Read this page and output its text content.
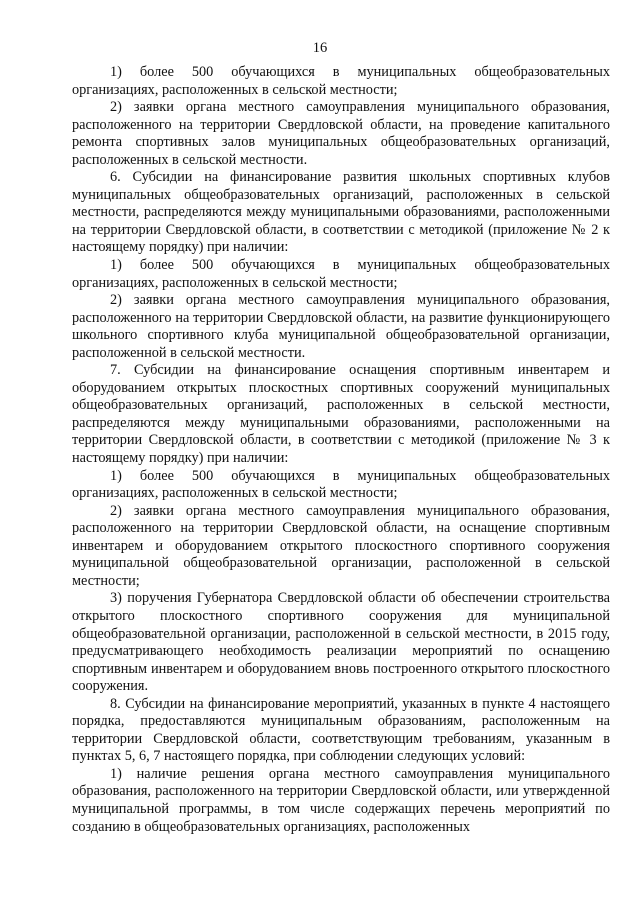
16

1) более 500 обучающихся в муниципальных общеобразовательных организациях, расположенных в сельской местности;

2) заявки органа местного самоуправления муниципального образования, расположенного на территории Свердловской области, на проведение капитального ремонта спортивных залов муниципальных общеобразовательных организаций, расположенных в сельской местности.

6. Субсидии на финансирование развития школьных спортивных клубов муниципальных общеобразовательных организаций, расположенных в сельской местности, распределяются между муниципальными образованиями, расположенными на территории Свердловской области, в соответствии с методикой (приложение № 2 к настоящему порядку) при наличии:

1) более 500 обучающихся в муниципальных общеобразовательных организациях, расположенных в сельской местности;

2) заявки органа местного самоуправления муниципального образования, расположенного на территории Свердловской области, на развитие функционирующего школьного спортивного клуба муниципальной общеобразовательной организации, расположенной в сельской местности.

7. Субсидии на финансирование оснащения спортивным инвентарем и оборудованием открытых плоскостных спортивных сооружений муниципальных общеобразовательных организаций, расположенных в сельской местности, распределяются между муниципальными образованиями, расположенными на территории Свердловской области, в соответствии с методикой (приложение № 3 к настоящему порядку) при наличии:

1) более 500 обучающихся в муниципальных общеобразовательных организациях, расположенных в сельской местности;

2) заявки органа местного самоуправления муниципального образования, расположенного на территории Свердловской области, на оснащение спортивным инвентарем и оборудованием открытого плоскостного спортивного сооружения муниципальной общеобразовательной организации, расположенной в сельской местности;

3) поручения Губернатора Свердловской области об обеспечении строительства открытого плоскостного спортивного сооружения для муниципальной общеобразовательной организации, расположенной в сельской местности, в 2015 году, предусматривающего необходимость реализации мероприятий по оснащению спортивным инвентарем и оборудованием вновь построенного открытого плоскостного сооружения.

8. Субсидии на финансирование мероприятий, указанных в пункте 4 настоящего порядка, предоставляются муниципальным образованиям, расположенным на территории Свердловской области, соответствующим требованиям, указанным в пунктах 5, 6, 7 настоящего порядка, при соблюдении следующих условий:

1) наличие решения органа местного самоуправления муниципального образования, расположенного на территории Свердловской области, или утвержденной муниципальной программы, в том числе содержащих перечень мероприятий по созданию в общеобразовательных организациях, расположенных
